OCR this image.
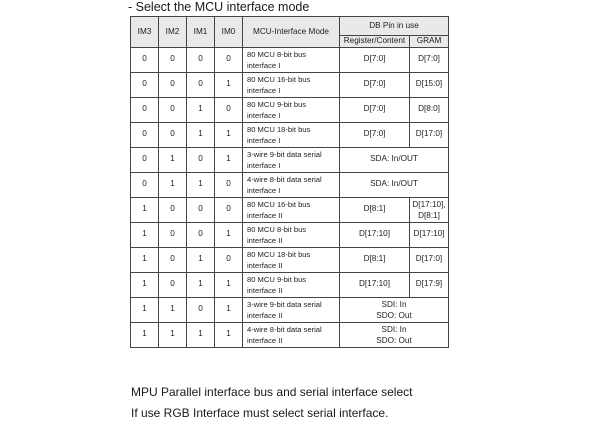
- Select the MCU interface mode
IM3	IM2	IM1	IM0	MCU-Interface Mode	DB Pin in use	
					Register/Content	GRAM
0	0	0	0	80 MCU 8-bit bus
interface I	D[7:0]	D[7:0]
0	0	0	1	80 MCU 16-bit bus
interface I	D[7:0]	D[15:0]
0	0	1	0	80 MCU 9-bit bus
interface I	D[7:0]	D[8:0]
0	0	1	1	80 MCU 18-bit bus
interface I	D[7:0]	D[17:0]
0	1	0	1	3-wire 9-bit data serial
interface I	SDA: In/OUT	
0	1	1	0	4-wire 8-bit data serial
interface I	SDA: In/OUT	
1	0	0	0	80 MCU 16-bit bus
interface II	D[8:1]	D[17:10],
D[8:1]

1	0	0	1	80 MCU 8-bit bus
interface II	D[17:10]	D[17:10]
1	0	1	0	80 MCU 18-bit bus
interface II	D[8:1]	D[17:0]
1	0	1	1	80 MCU 9-bit bus
interface II	D[17:10]	D[17:9]
1	1	0	1	3-wire 9-bit data serial
interface II	SDI: In
SDO: Out	

1	1	1	1	4-wire 8-bit data serial
interface II	SDI: In
SDO: Out	
MPU Parallel interface bus and serial interface select
If use RGB Interface must select serial interface.
